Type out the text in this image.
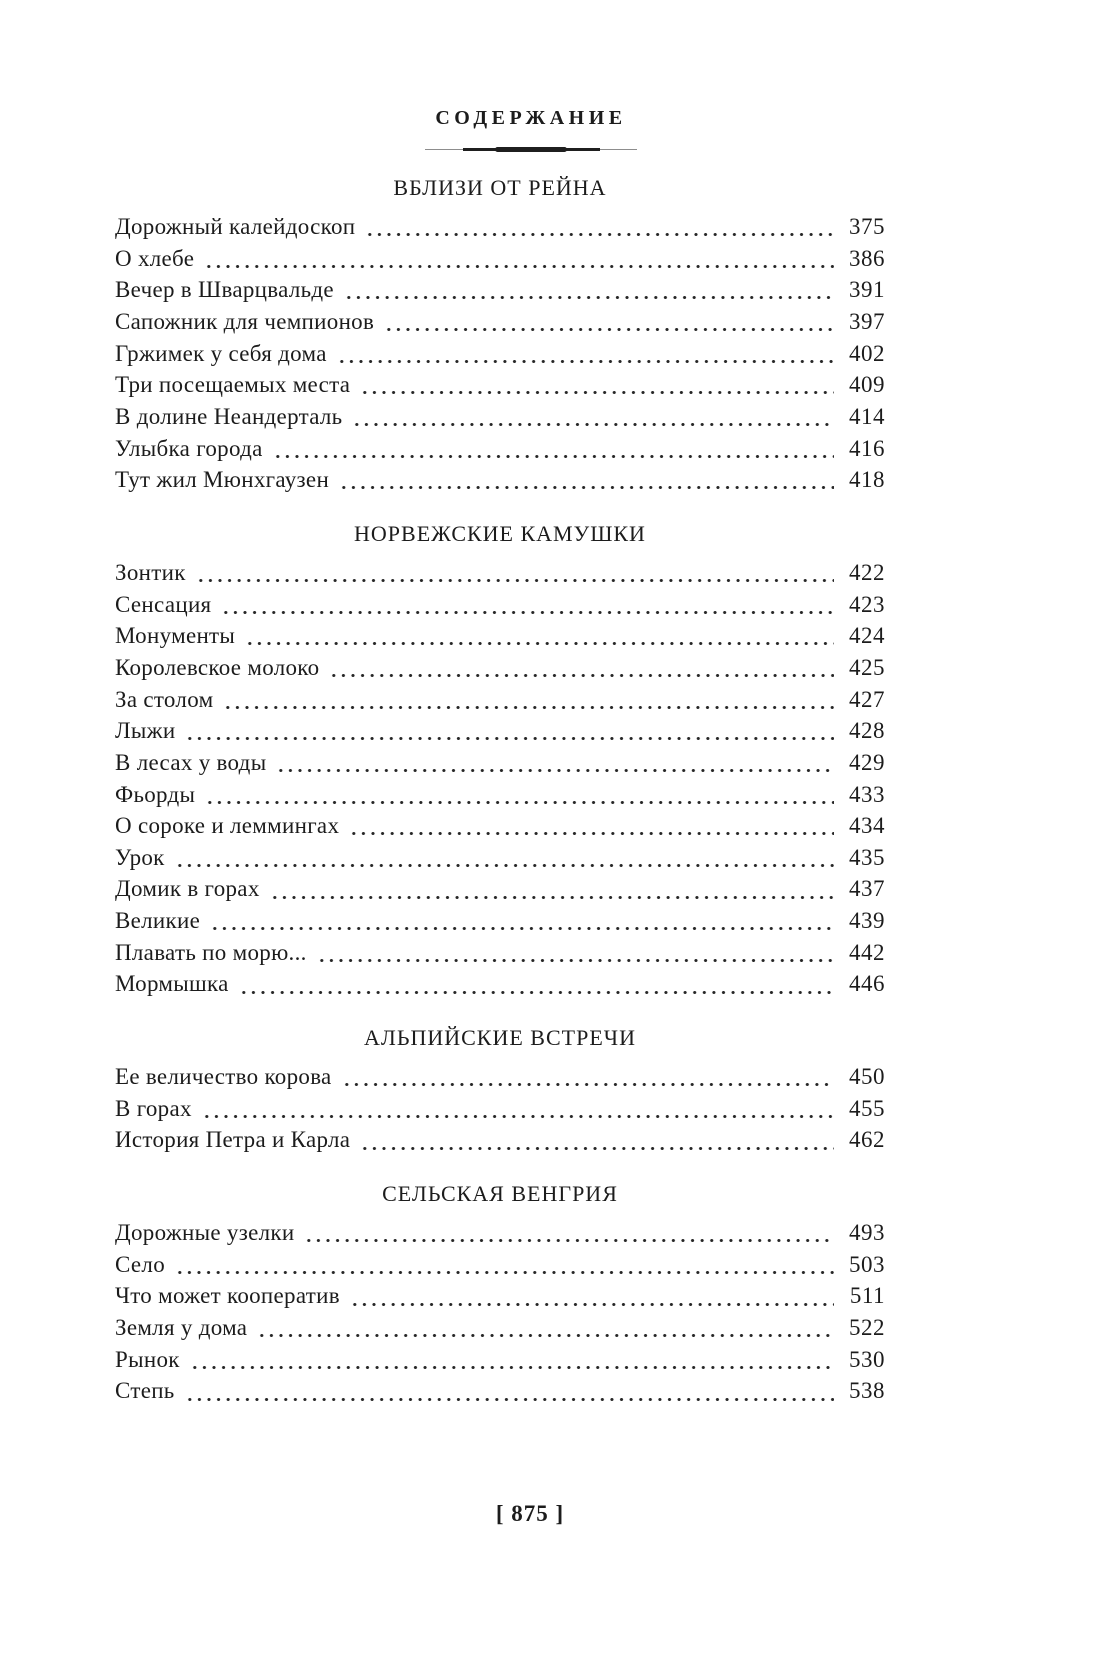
СОДЕРЖАНИЕ
ВБЛИЗИ ОТ РЕЙНА
Дорожный калейдоскоп	375
О хлебе	386
Вечер в Шварцвальде	391
Сапожник для чемпионов	397
Гржимек у себя дома	402
Три посещаемых места	409
В долине Неандерталь	414
Улыбка города	416
Тут жил Мюнхгаузен	418
НОРВЕЖСКИЕ КАМУШКИ
Зонтик	422
Сенсация	423
Монументы	424
Королевское молоко	425
За столом	427
Лыжи	428
В лесах у воды	429
Фьорды	433
О сороке и леммингах	434
Урок	435
Домик в горах	437
Великие	439
Плавать по морю...	442
Мормышка	446
АЛЬПИЙСКИЕ ВСТРЕЧИ
Ее величество корова	450
В горах	455
История Петра и Карла	462
СЕЛЬСКАЯ ВЕНГРИЯ
Дорожные узелки	493
Село	503
Что может кооператив	511
Земля у дома	522
Рынок	530
Степь	538
[ 875 ]
